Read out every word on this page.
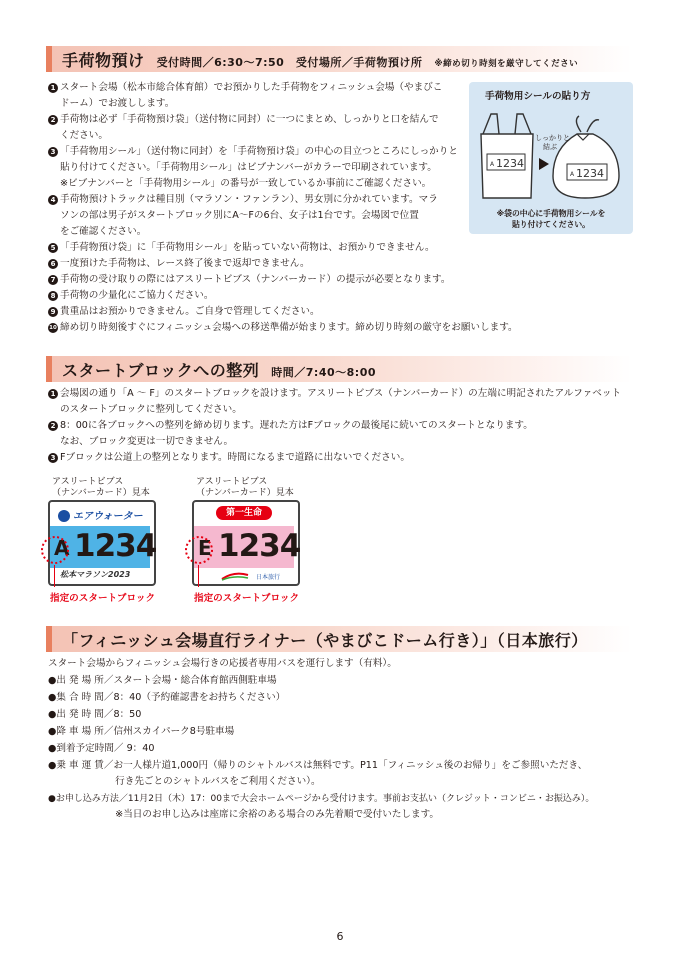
手荷物預け 受付時間／6:30〜7:50　受付場所／手荷物預け所 ※締め切り時刻を厳守してください
1 スタート会場（松本市総合体育館）でお預かりした手荷物をフィニッシュ会場（やまびこ
ドーム）でお渡しします。
2 手荷物は必ず「手荷物預け袋」（送付物に同封）に一つにまとめ、しっかりと口を結んで
ください。
3 「手荷物用シール」（送付物に同封）を「手荷物預け袋」の中心の目立つところにしっかりと
貼り付けてください。「手荷物用シール」はビブナンバーがカラーで印刷されています。
※ビブナンバーと「手荷物用シール」の番号が一致しているか事前にご確認ください。
4 手荷物預けトラックは種目別（マラソン・ファンラン）、男女別に分かれています。マラ
ソンの部は男子がスタートブロック別にA〜Fの6台、女子は1台です。会場図で位置
をご確認ください。
5 「手荷物預け袋」に「手荷物用シール」を貼っていない荷物は、お預かりできません。
6 一度預けた手荷物は、レース終了後まで返却できません。
7 手荷物の受け取りの際にはアスリートビブス（ナンバーカード）の提示が必要となります。
8 手荷物の少量化にご協力ください。
9 貴重品はお預かりできません。ご自身で管理してください。
10 締め切り時刻後すぐにフィニッシュ会場への移送準備が始まります。締め切り時刻の厳守をお願いします。
手荷物用シールの貼り方
A 1234
しっかりと
結ぶ
A 1234
※袋の中心に手荷物用シールを
貼り付けてください。
スタートブロックへの整列 時間／7:40〜8:00
1 会場図の通り「A 〜 F」のスタートブロックを設けます。アスリートビブス（ナンバーカード）の左端に明記されたアルファベット
のスタートブロックに整列してください。
2 8：00に各ブロックへの整列を締め切ります。遅れた方はFブロックの最後尾に続いてのスタートとなります。
なお、ブロック変更は一切できません。
3 Fブロックは公道上の整列となります。時間になるまで道路に出ないでください。
アスリートビブス
（ナンバーカード）見本
エアウォーター
A 1234
松本マラソン2023
指定のスタートブロック
アスリートビブス
（ナンバーカード）見本
第一生命
E 1234
日本旅行
指定のスタートブロック
「フィニッシュ会場直行ライナー（やまびこドーム行き）」（日本旅行）
スタート会場からフィニッシュ会場行きの応援者専用バスを運行します（有料）。
●出 発 場 所／スタート会場・総合体育館西側駐車場
●集 合 時 間／8：40（予約確認書をお持ちください）
●出 発 時 間／8：50
●降 車 場 所／信州スカイパーク8号駐車場
●到着予定時間／ 9：40
●乗 車 運 賃／お一人様片道1,000円（帰りのシャトルバスは無料です。P11「フィニッシュ後のお帰り」をご参照いただき、
　　　　　　　行き先ごとのシャトルバスをご利用ください）。
●お申し込み方法／11月2日（木）17：00まで大会ホームページから受付けます。事前お支払い（クレジット・コンビニ・お振込み）。
　　　　　　　※当日のお申し込みは座席に余裕のある場合のみ先着順で受付いたします。
6
